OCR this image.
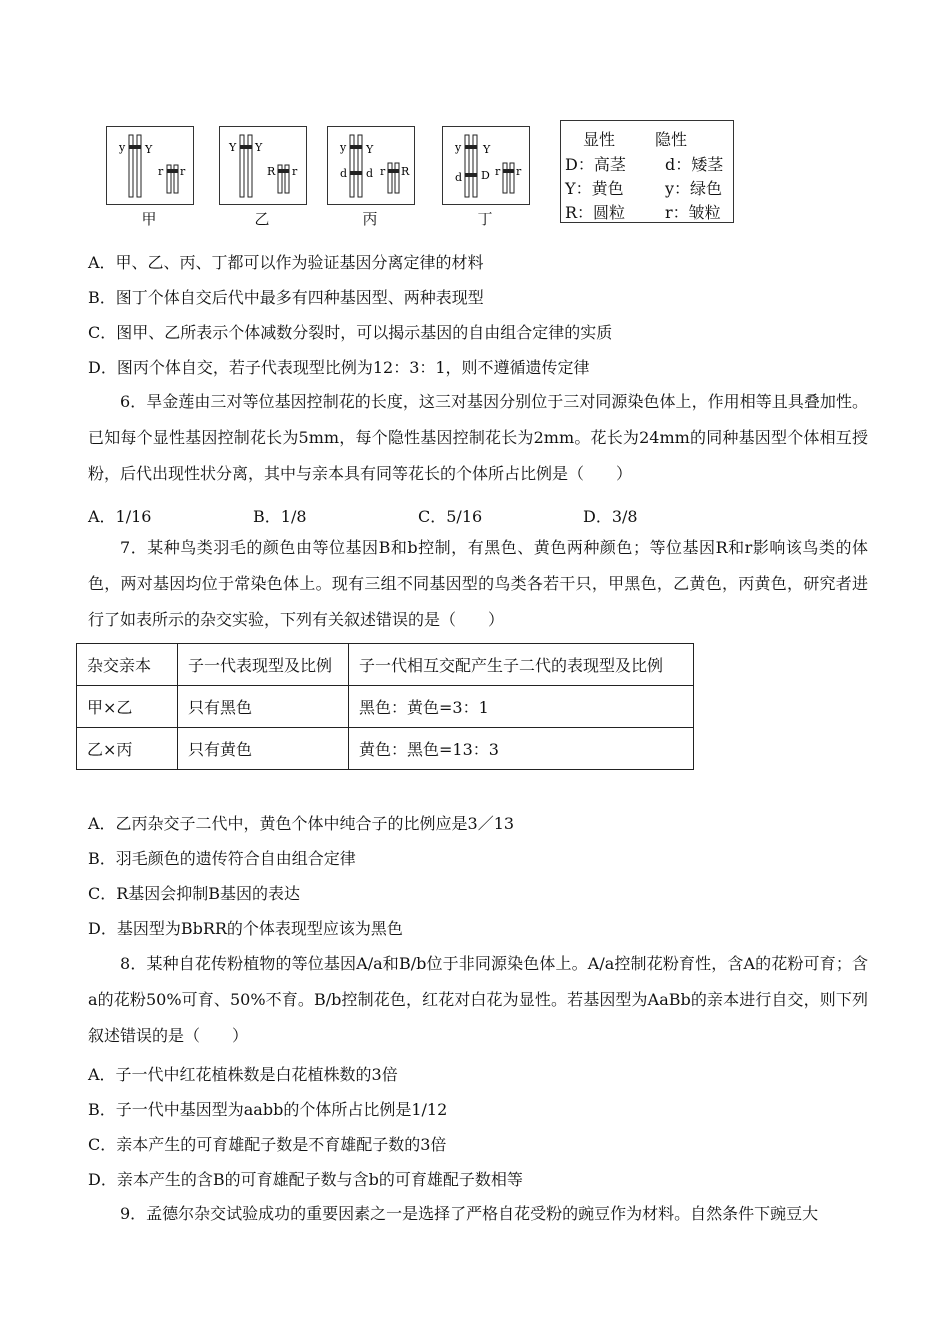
y Y
r r
甲
Y Y
R r
乙
y Y
d d r R
丙
y Y
d D r r
丁
显性 隐性
D：高茎 d：矮茎
Y：黄色	y：绿色
R：圆粒 r：皱粒
A．甲、乙、丙、丁都可以作为验证基因分离定律的材料
B．图丁个体自交后代中最多有四种基因型、两种表现型
C．图甲、乙所表示个体减数分裂时，可以揭示基因的自由组合定律的实质
D．图丙个体自交，若子代表现型比例为12：3：1，则不遵循遗传定律
6．旱金莲由三对等位基因控制花的长度，这三对基因分别位于三对同源染色体上，作用相等且具叠加性。已知每个显性基因控制花长为5mm，每个隐性基因控制花长为2mm。花长为24mm的同种基因型个体相互授粉，后代出现性状分离，其中与亲本具有同等花长的个体所占比例是（　　）
A．1/16	B．1/8	C．5/16	D．3/8
7．某种鸟类羽毛的颜色由等位基因B和b控制，有黑色、黄色两种颜色；等位基因R和r影响该鸟类的体色，两对基因均位于常染色体上。现有三组不同基因型的鸟类各若干只，甲黑色，乙黄色，丙黄色，研究者进行了如表所示的杂交实验，下列有关叙述错误的是（　　）
杂交亲本	子一代表现型及比例	子一代相互交配产生子二代的表现型及比例
甲×乙	只有黑色	黑色：黄色=3：1
乙×丙	只有黄色	黄色：黑色=13：3
A．乙丙杂交子二代中，黄色个体中纯合子的比例应是3／13
B．羽毛颜色的遗传符合自由组合定律
C．R基因会抑制B基因的表达
D．基因型为BbRR的个体表现型应该为黑色
8．某种自花传粉植物的等位基因A/a和B/b位于非同源染色体上。A/a控制花粉育性，含A的花粉可育；含a的花粉50%可育、50%不育。B/b控制花色，红花对白花为显性。若基因型为AaBb的亲本进行自交，则下列叙述错误的是（　　）
A．子一代中红花植株数是白花植株数的3倍
B．子一代中基因型为aabb的个体所占比例是1/12
C．亲本产生的可育雄配子数是不育雄配子数的3倍
D．亲本产生的含B的可育雄配子数与含b的可育雄配子数相等
9．孟德尔杂交试验成功的重要因素之一是选择了严格自花受粉的豌豆作为材料。自然条件下豌豆大
